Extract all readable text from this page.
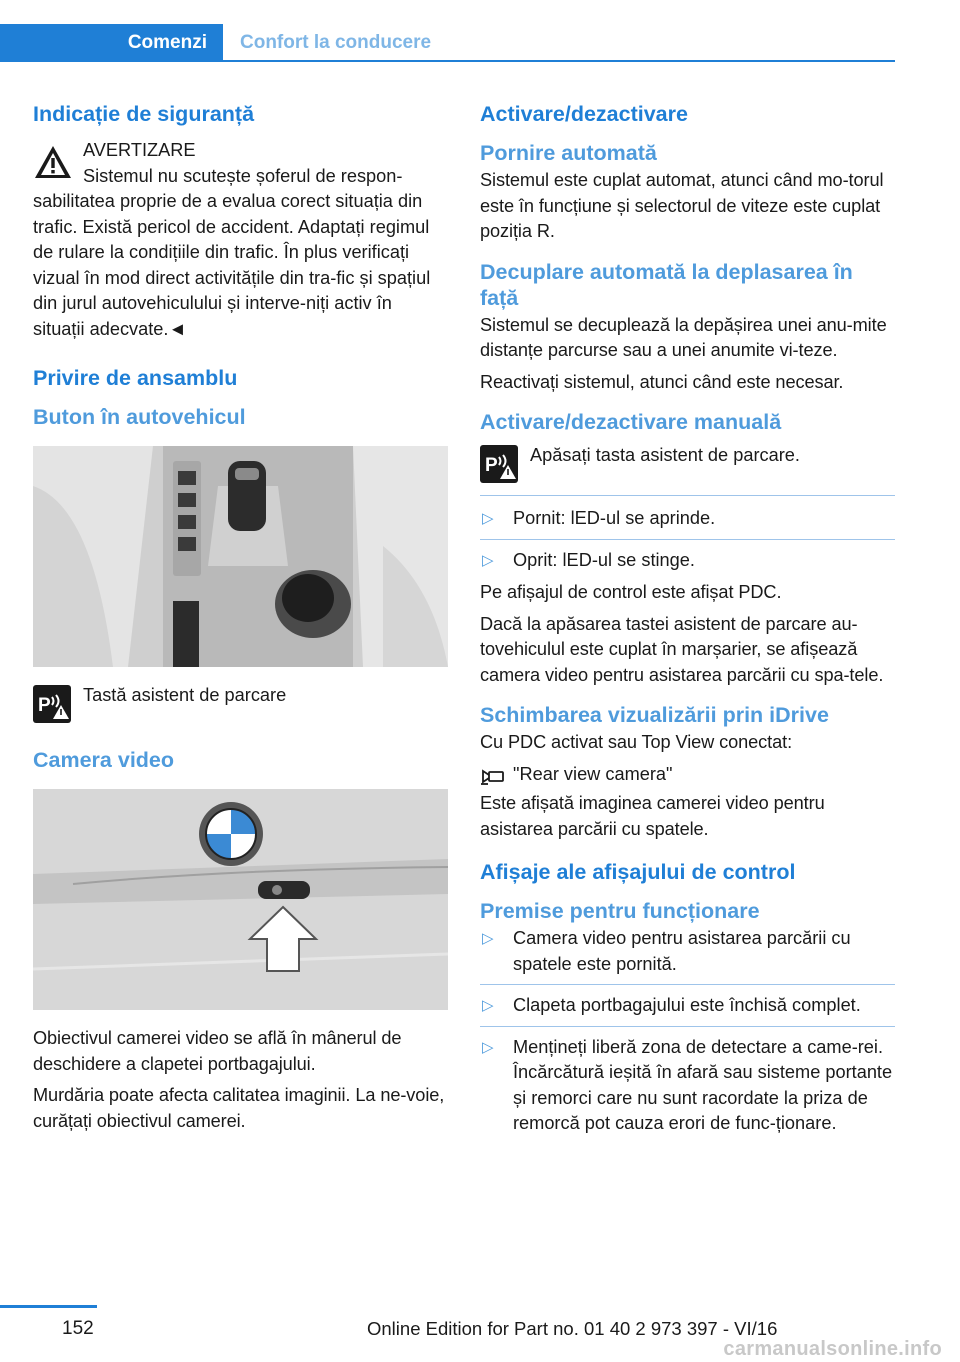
Comenzi Confort la conducere
Indicație de siguranță
AVERTIZARE
Sistemul nu scutește șoferul de respon‐
sabilitatea proprie de a evalua corect situația din trafic. Există pericol de accident. Adaptați regimul de rulare la condițiile din trafic. În plus verificați vizual în mod direct activitățile din tra‐fic și spațiul din jurul autovehiculului și interve‐niți activ în situații adecvate.◄
Privire de ansamblu
Buton în autovehicul
P Tastă asistent de parcare
Camera video
Obiectivul camerei video se află în mânerul de deschidere a clapetei portbagajului.
Murdăria poate afecta calitatea imaginii. La ne‐voie, curățați obiectivul camerei.
Activare/dezactivare
Pornire automată
Sistemul este cuplat automat, atunci când mo‐torul este în funcțiune și selectorul de viteze este cuplat poziția R.
Decuplare automată la deplasarea în față
Sistemul se decuplează la depășirea unei anu‐mite distanțe parcurse sau a unei anumite vi‐teze.
Reactivați sistemul, atunci când este necesar.
Activare/dezactivare manuală
P Apăsați tasta asistent de parcare.
▷ Pornit: lED-ul se aprinde.
▷ Oprit: lED-ul se stinge.
Pe afișajul de control este afișat PDC.
Dacă la apăsarea tastei asistent de parcare au‐tovehiculul este cuplat în marșarier, se afișează camera video pentru asistarea parcării cu spa‐tele.
Schimbarea vizualizării prin iDrive
Cu PDC activat sau Top View conectat:
"Rear view camera"
Este afișată imaginea camerei video pentru asistarea parcării cu spatele.
Afișaje ale afișajului de control
Premise pentru funcționare
▷ Camera video pentru asistarea parcării cu spatele este pornită.
▷ Clapeta portbagajului este închisă complet.
▷ Mențineți liberă zona de detectare a came‐rei. Încărcătură ieșită în afară sau sisteme portante și remorci care nu sunt racordate la priza de remorcă pot cauza erori de func‐ționare.
152	Online Edition for Part no. 01 40 2 973 397 - VI/16
carmanualsonline.info
